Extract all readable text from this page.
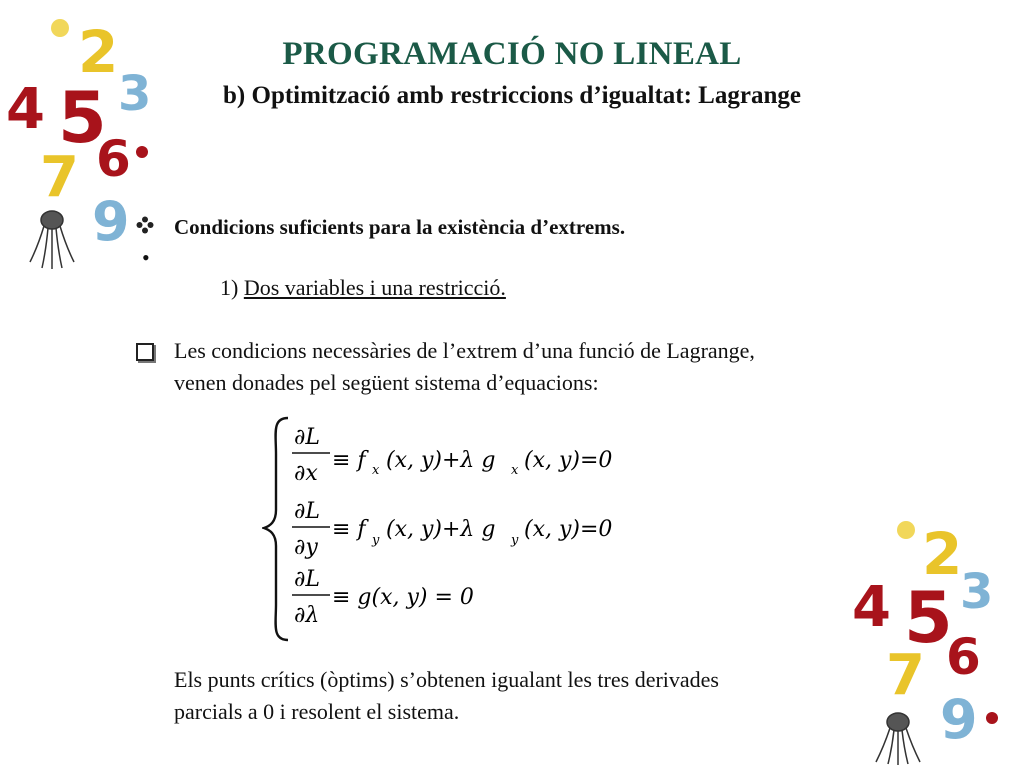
2
3
4 5
6
7
9
2
3
4 5
6
7
9
PROGRAMACIÓ NO LINEAL
b) Optimització amb restriccions d’igualtat: Lagrange
Condicions suficients para la existència d’extrems.
•
1) Dos variables i una restricció.
Les condicions necessàries de l’extrem d’una funció de Lagrange,
venen donades pel següent sistema d’equacions:
∂L
∂x
≡ f x (x, y)+λ g x (x, y)=0
∂L
∂y
≡ f y (x, y)+λ g y (x, y)=0
∂L
∂λ
≡ g(x, y) = 0
Els punts crítics (òptims) s’obtenen igualant les tres derivades
parcials a 0 i resolent el sistema.
